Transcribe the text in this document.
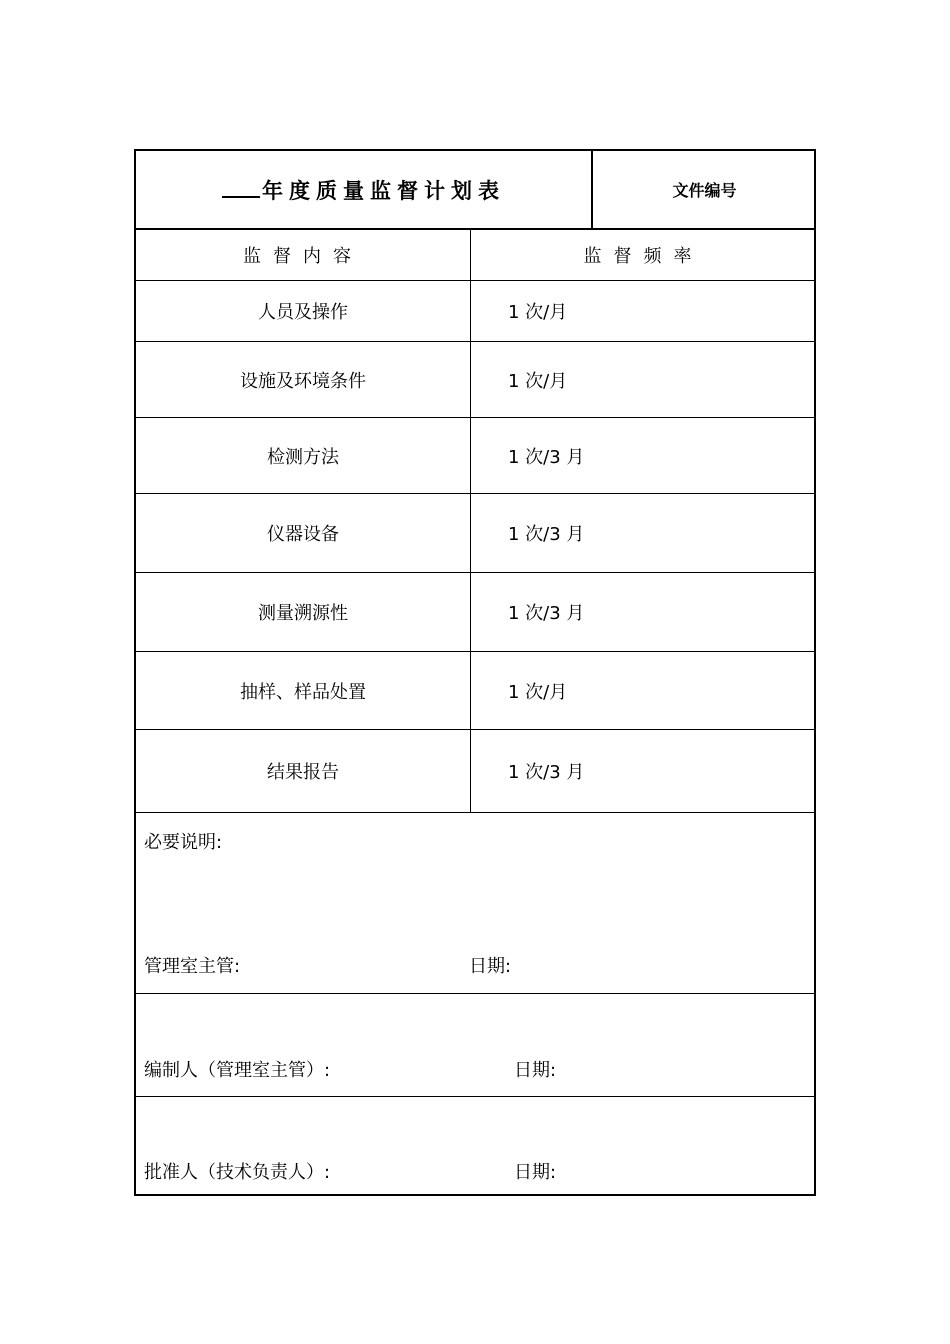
年度质量监督计划表	文件编号
监督内容	监督频率
人员及操作	1 次/月
设施及环境条件	1 次/月
检测方法	1 次/3 月
仪器设备	1 次/3 月
测量溯源性	1 次/3 月
抽样、样品处置	1 次/月
结果报告	1 次/3 月
必要说明:
管理室主管:	日期:
编制人（管理室主管）:	日期:
批准人（技术负责人）:	日期:
